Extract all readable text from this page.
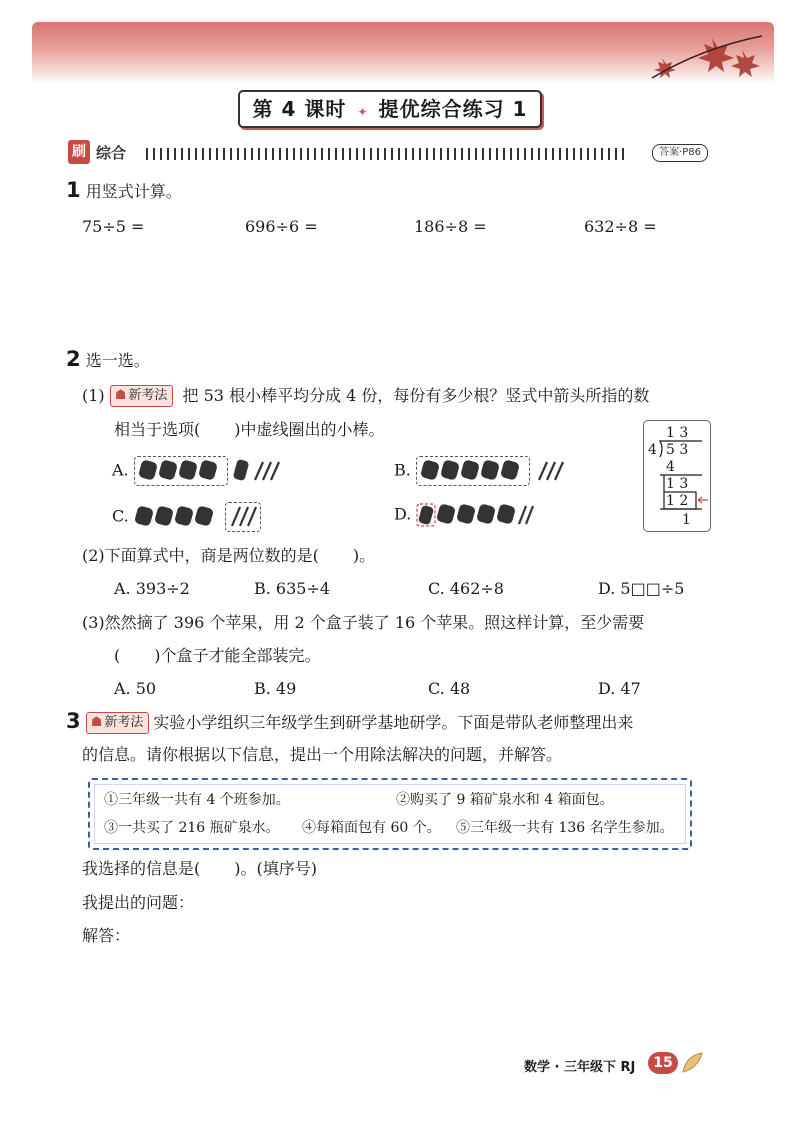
第 4 课时 ✦ 提优综合练习 1
刷 综合	答案·P86
1 用竖式计算。
75÷5 =	696÷6 =	186÷8 =	632÷8 =
2 选一选。
(1) ☗ 新考法 把 53 根小棒平均分成 4 份，每份有多少根？竖式中箭头所指的数
相当于选项( )中虚线圈出的小棒。
A.	B.
C.	D.
1 3
4 5 3
4
1 3
1 2
1
(2)下面算式中，商是两位数的是( )。
A. 393÷2	B. 635÷4	C. 462÷8	D. 5□□÷5
(3)然然摘了 396 个苹果，用 2 个盒子装了 16 个苹果。照这样计算，至少需要
( )个盒子才能全部装完。
A. 50	B. 49	C. 48	D. 47
3 ☗ 新考法 实验小学组织三年级学生到研学基地研学。下面是带队老师整理出来
的信息。请你根据以下信息，提出一个用除法解决的问题，并解答。
①三年级一共有 4 个班参加。	②购买了 9 箱矿泉水和 4 箱面包。
③一共买了 216 瓶矿泉水。 ④每箱面包有 60 个。 ⑤三年级一共有 136 名学生参加。
我选择的信息是( )。(填序号)
我提出的问题：
解答：
数学 · 三年级下 RJ	15
